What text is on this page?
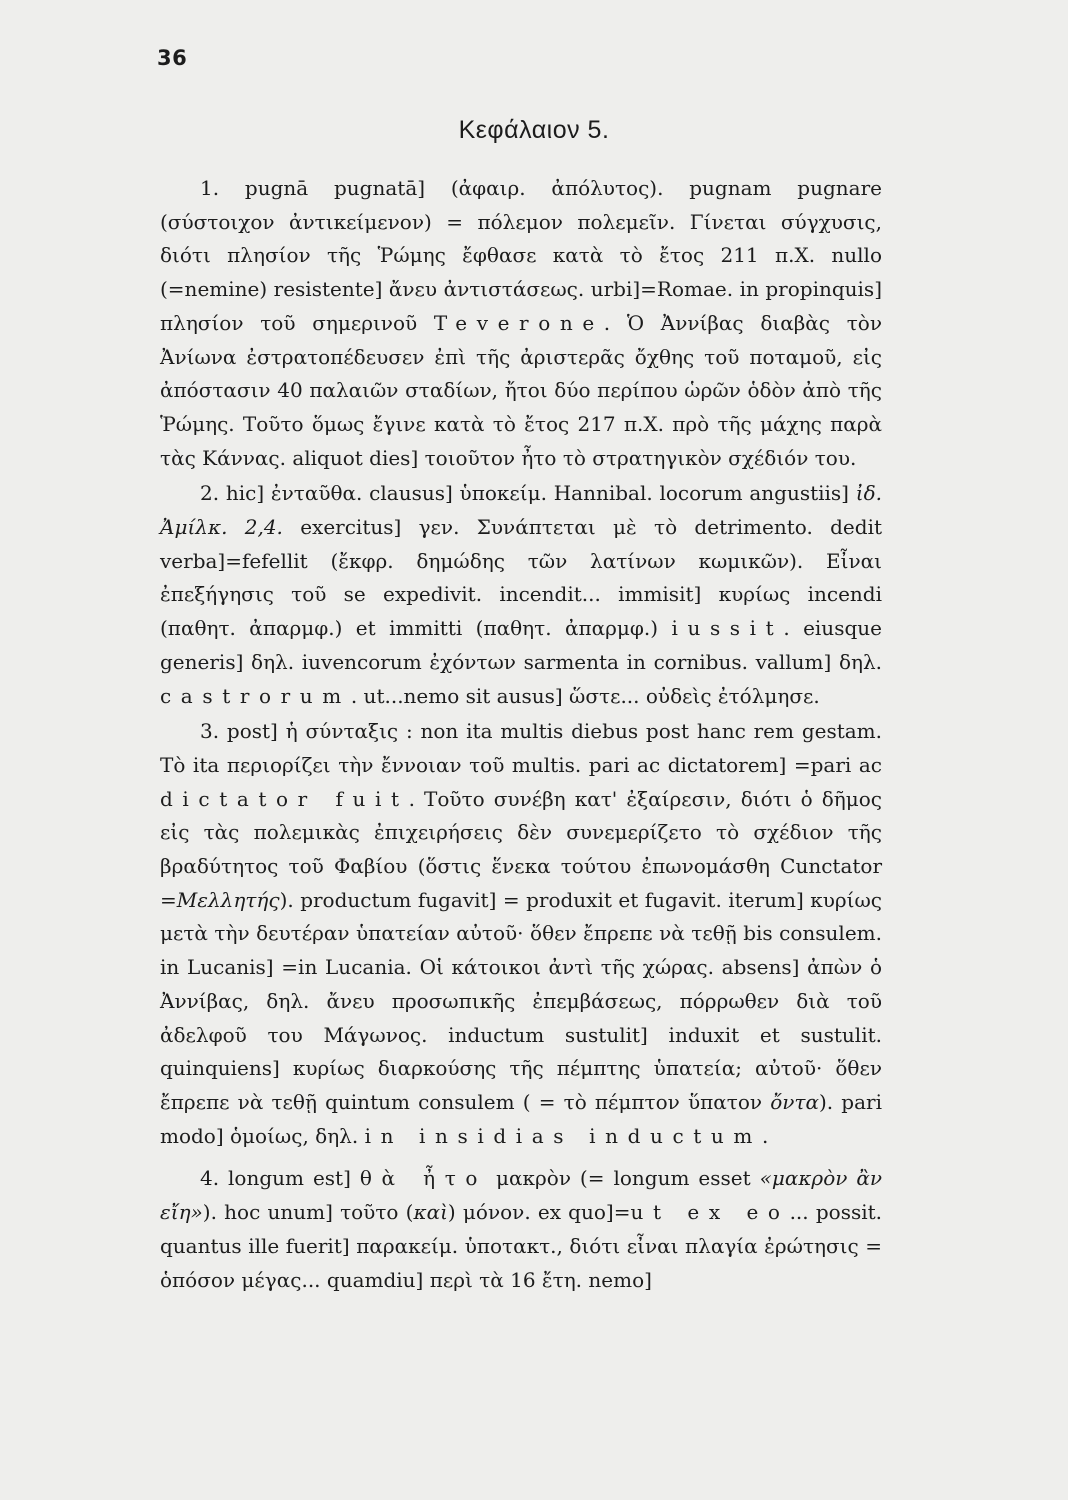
36
Κεφάλαιον 5.

1. pugnā pugnatā] (ἀφαιρ. ἀπόλυτος). pugnam pugnare (σύστοιχον ἀντικείμενον) = πόλεμον πολεμεῖν. Γίνεται σύγχυσις, διότι πλησίον τῆς Ῥώμης ἔφθασε κατὰ τὸ ἔτος 211 π.Χ. nullo (=nemine) resistente] ἄνευ ἀντιστάσεως. urbi]=Romae. in propinquis] πλησίον τοῦ σημερινοῦ Teverone. Ὁ Ἀννίβας διαβὰς τὸν Ἀνίωνα ἐστρατοπέδευσεν ἐπὶ τῆς ἀριστερᾶς ὄχθης τοῦ ποταμοῦ, εἰς ἀπόστασιν 40 παλαιῶν σταδίων, ἤτοι δύο περίπου ὡρῶν ὁδὸν ἀπὸ τῆς Ῥώμης. Τοῦτο ὅμως ἔγινε κατὰ τὸ ἔτος 217 π.Χ. πρὸ τῆς μάχης παρὰ τὰς Κάννας. aliquot dies] τοιοῦτον ἦτο τὸ στρατηγικὸν σχέδιόν του.

2. hic] ἐνταῦθα. clausus] ὑποκείμ. Hannibal. locorum angustiis] ἰδ. Ἀμίλκ. 2,4. exercitus] γεν. Συνάπτεται μὲ τὸ detrimento. dedit verba]=fefellit (ἔκφρ. δημώδης τῶν λατίνων κωμικῶν). Εἶναι ἐπεξήγησις τοῦ se expedivit. incendit... immisit] κυρίως incendi (παθητ. ἀπαρμφ.) et immitti (παθητ. ἀπαρμφ.) iussit. eiusque generis] δηλ. iuvencorum ἐχόντων sarmenta in cornibus. vallum] δηλ. castrorum. ut...nemo sit ausus] ὥστε... οὐδεὶς ἐτόλμησε.

3. post] ἡ σύνταξις : non ita multis diebus post hanc rem gestam. Τὸ ita περιορίζει τὴν ἔννοιαν τοῦ multis. pari ac dictatorem] =pari ac dictator fuit. Τοῦτο συνέβη κατ' ἐξαίρεσιν, διότι ὁ δῆμος εἰς τὰς πολεμικὰς ἐπιχειρήσεις δὲν συνεμερίζετο τὸ σχέδιον τῆς βραδύτητος τοῦ Φαβίου (ὅστις ἕνεκα τούτου ἐπωνομάσθη Cunctator =Μελλητής). productum fugavit] = produxit et fugavit. iterum] κυρίως μετὰ τὴν δευτέραν ὑπατείαν αὐτοῦ· ὅθεν ἔπρεπε νὰ τεθῇ bis consulem. in Lucanis] =in Lucania. Οἱ κάτοικοι ἀντὶ τῆς χώρας. absens] ἀπὼν ὁ Ἀννίβας, δηλ. ἄνευ προσωπικῆς ἐπεμβάσεως, πόρρωθεν διὰ τοῦ ἀδελφοῦ του Μάγωνος. inductum sustulit] induxit et sustulit. quinquiens] κυρίως διαρκούσης τῆς πέμπτης ὑπατεία; αὐτοῦ· ὅθεν ἔπρεπε νὰ τεθῇ quintum consulem ( = τὸ πέμπτον ὕπατον ὄντα). pari modo] ὁμοίως, δηλ. in insidias inductum.

4. longum est] θὰ ἦτο μακρὸν (= longum esset «μακρὸν ἂν εἴη»). hoc unum] τοῦτο (καὶ) μόνον. ex quo]=ut ex eo... possit. quantus ille fuerit] παρακείμ. ὑποτακτ., διότι εἶναι πλαγία ἐρώτησις = ὁπόσον μέγας... quamdiu] περὶ τὰ 16 ἔτη. nemo]
